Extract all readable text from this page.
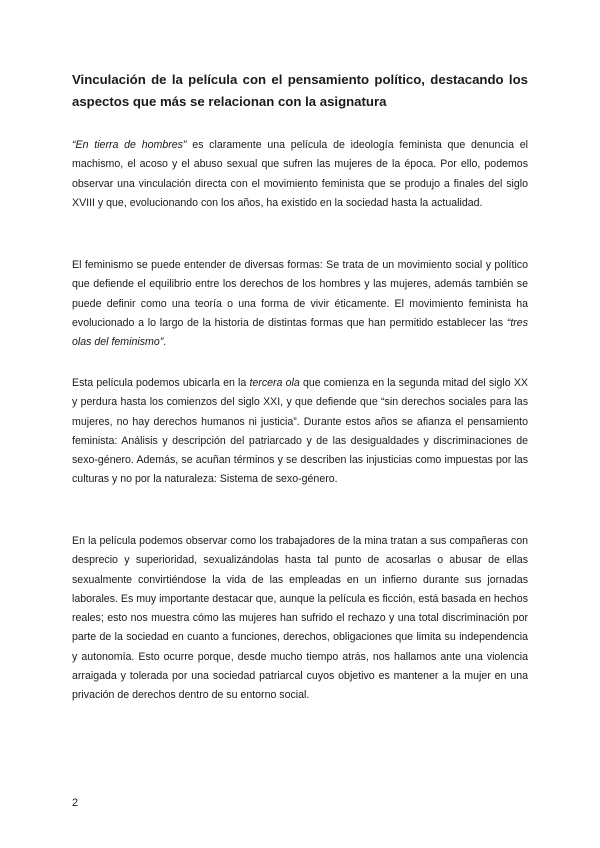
Vinculación de la película con el pensamiento político, destacando los aspectos que más se relacionan con la asignatura

“En tierra de hombres” es claramente una película de ideología feminista que denuncia el machismo, el acoso y el abuso sexual que sufren las mujeres de la época. Por ello, podemos observar una vinculación directa con el movimiento feminista que se produjo a finales del siglo XVIII y que, evolucionando con los años, ha existido en la sociedad hasta la actualidad.

El feminismo se puede entender de diversas formas: Se trata de un movimiento social y político que defiende el equilibrio entre los derechos de los hombres y las mujeres, además también se puede definir como una teoría o una forma de vivir éticamente. El movimiento feminista ha evolucionado a lo largo de la historia de distintas formas que han permitido establecer las “tres olas del feminismo”.

Esta película podemos ubicarla en la tercera ola que comienza en la segunda mitad del siglo XX y perdura hasta los comienzos del siglo XXI, y que defiende que “sin derechos sociales para las mujeres, no hay derechos humanos ni justicia”. Durante estos años se afianza el pensamiento feminista: Análisis y descripción del patriarcado y de las desigualdades y discriminaciones de sexo-género. Además, se acuñan términos y se describen las injusticias como impuestas por las culturas y no por la naturaleza: Sistema de sexo-género.

En la película podemos observar como los trabajadores de la mina tratan a sus compañeras con desprecio y superioridad, sexualizándolas hasta tal punto de acosarlas o abusar de ellas sexualmente convirtiéndose la vida de las empleadas en un infierno durante sus jornadas laborales. Es muy importante destacar que, aunque la película es ficción, está basada en hechos reales; esto nos muestra cómo las mujeres han sufrido el rechazo y una total discriminación por parte de la sociedad en cuanto a funciones, derechos, obligaciones que limita su independencia y autonomía. Esto ocurre porque, desde mucho tiempo atrás, nos hallamos ante una violencia arraigada y tolerada por una sociedad patriarcal cuyos objetivo es mantener a la mujer en una privación de derechos dentro de su entorno social.

2
